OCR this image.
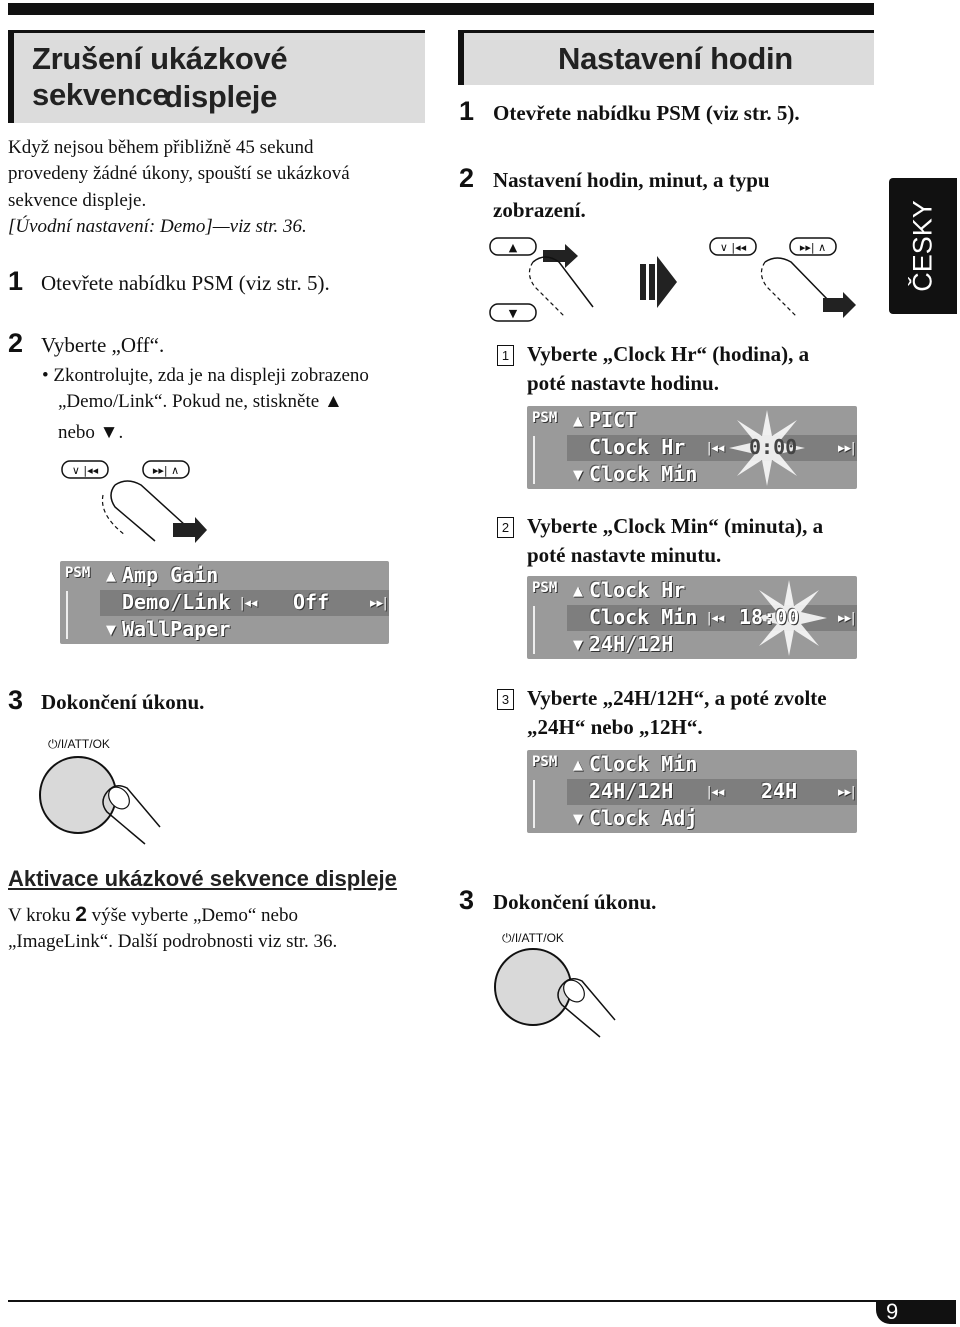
Zrušení ukázkové sekvence
displeje
Když nejsou během přibližně 45 sekund
provedeny žádné úkony, spouští se ukázková
sekvence displeje.
[Úvodní nastavení: Demo]—viz str. 36.
1 Otevřete nabídku PSM (viz str. 5).
2 Vyberte „Off“.
• Zkontrolujte, zda je na displeji zobrazeno
„Demo/Link“. Pokud ne, stiskněte ▲
nebo ▼.
∨ |◂◂	▸▸| ∧
PSM ▲ Amp Gain
Demo/Link |◂◂ Off	▸▸|
▼ WallPaper
3 Dokončení úkonu.
⏻/I/ATT/OK
Aktivace ukázkové sekvence displeje
V kroku 2 výše vyberte „Demo“ nebo
„ImageLink“. Další podrobnosti viz str. 36.
Nastavení hodin
1 Otevřete nabídku PSM (viz str. 5).
2 Nastavení hodin, minut, a typu
zobrazení.
▲
▼
∨ |◂◂	▸▸| ∧	ČESKY
1 Vyberte „Clock Hr“ (hodina), a
poté nastavte hodinu.
PSM ▲ PICT
Clock Hr |◂◂ 0:00	▸▸|
▼ Clock Min
2 Vyberte „Clock Min“ (minuta), a
poté nastavte minutu.
PSM ▲ Clock Hr
Clock Min |◂◂ 18:00	▸▸|
▼ 24H/12H
3 Vyberte „24H/12H“, a poté zvolte
„24H“ nebo „12H“.
PSM ▲ Clock Min
24H/12H	|◂◂ 24H	▸▸|
▼ Clock Adj
3 Dokončení úkonu.
⏻/I/ATT/OK
9
